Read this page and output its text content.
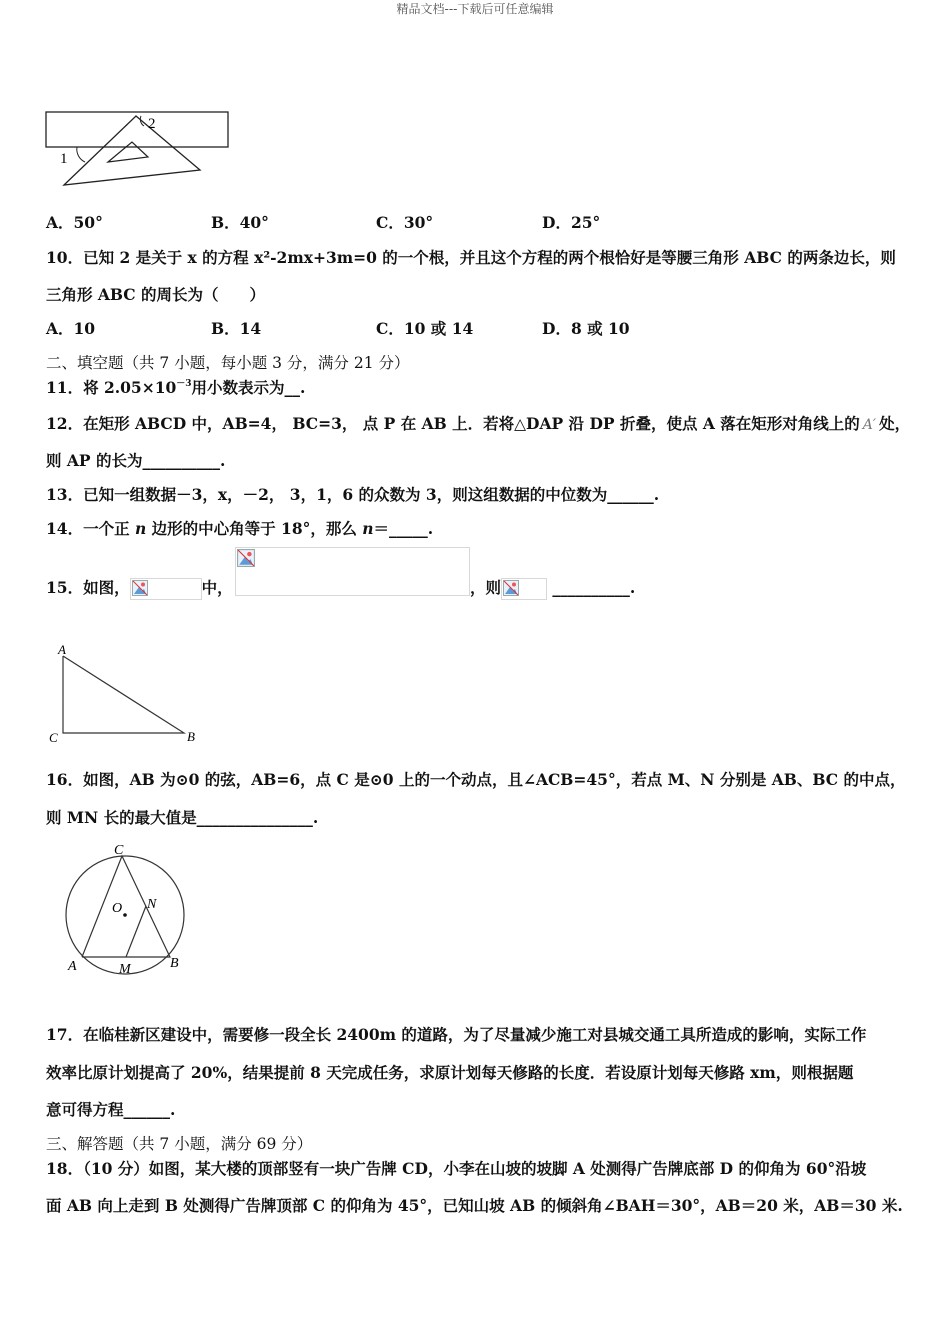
精品文档---下载后可任意编辑
2
1
A．50°	B．40°	C．30°	D．25°
10．已知 2 是关于 x 的方程 x²-2mx+3m=0 的一个根，并且这个方程的两个根恰好是等腰三角形 ABC 的两条边长，则
三角形 ABC 的周长为（　　）
A．10	B．14	C．10 或 14	D．8 或 10
二、填空题（共 7 小题，每小题 3 分，满分 21 分）
11．将 $2.05\times 10^{-3}$用小数表示为__.
12．在矩形 ABCD 中，AB=4， BC=3， 点 P 在 AB 上．若将△DAP 沿 DP 折叠，使点 A 落在矩形对角线上的 A′ 处，
则 AP 的长为__________.
13．已知一组数据－3，x，－2， 3，1，6 的众数为 3，则这组数据的中位数为______.
14．一个正 n 边形的中心角等于 18°，那么 n＝_____.
15．如图，	中，	，则	__________.
A
C	B
16．如图，AB 为⊙0 的弦，AB=6，点 C 是⊙0 上的一个动点，且∠ACB=45°，若点 M、N 分别是 AB、BC 的中点，
则 MN 长的最大值是_______________.
C
O N
A	M	B
17．在临桂新区建设中，需要修一段全长 2400m 的道路，为了尽量减少施工对县城交通工具所造成的影响，实际工作
效率比原计划提高了 20%，结果提前 8 天完成任务，求原计划每天修路的长度．若设原计划每天修路 xm，则根据题
意可得方程______.
三、解答题（共 7 小题，满分 69 分）
18．（10 分）如图，某大楼的顶部竖有一块广告牌 CD，小李在山坡的坡脚 A 处测得广告牌底部 D 的仰角为 60°沿坡
面 AB 向上走到 B 处测得广告牌顶部 C 的仰角为 45°，已知山坡 AB 的倾斜角∠BAH＝30°，AB＝20 米，AB＝30 米.
